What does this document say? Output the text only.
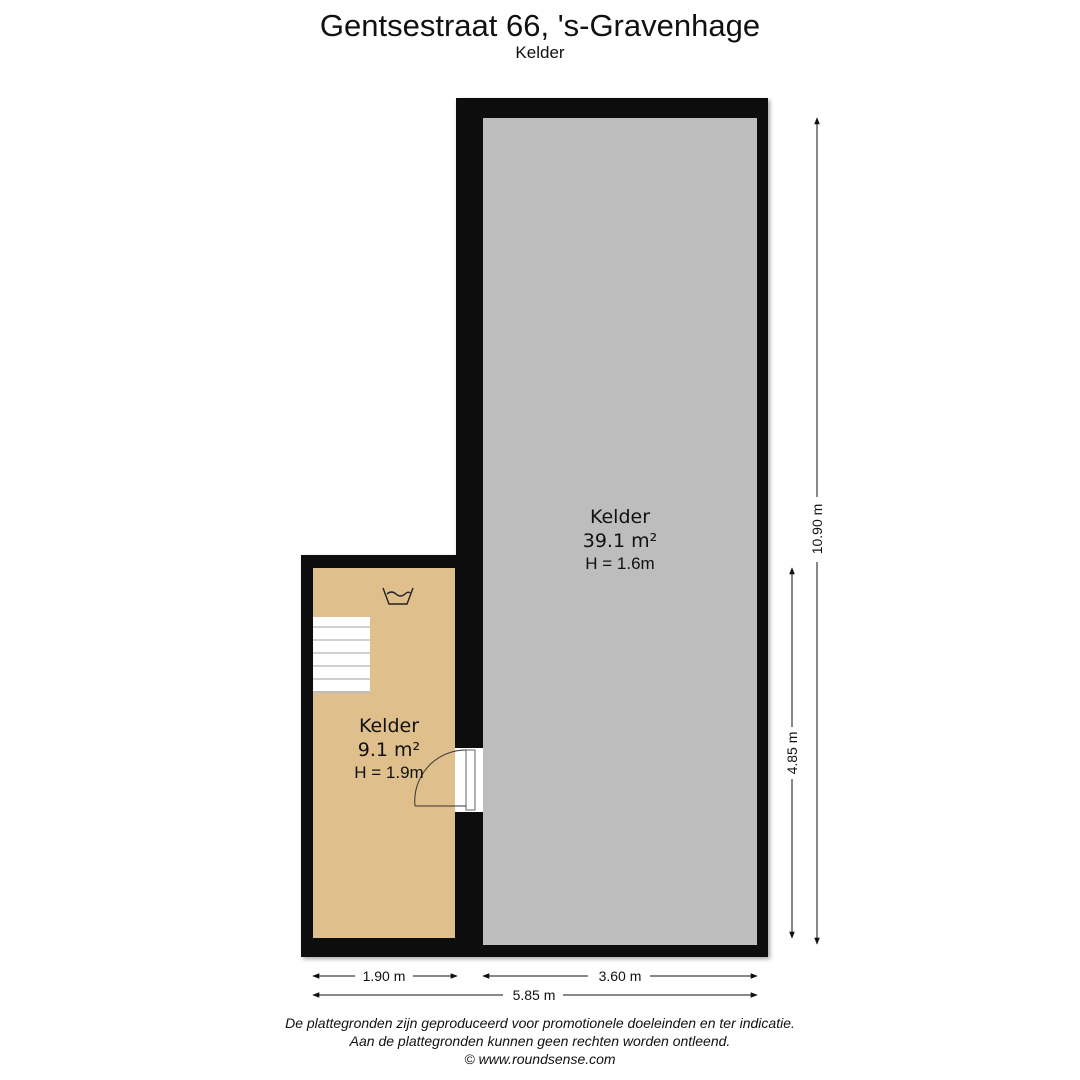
Gentsestraat 66, 's-Gravenhage
Kelder
Kelder
39.1 m²
H = 1.6m
Kelder
9.1 m²
H = 1.9m
1.90 m	3.60 m
5.85 m
10.90 m
4.85 m
De plattegronden zijn geproduceerd voor promotionele doeleinden en ter indicatie.
Aan de plattegronden kunnen geen rechten worden ontleend.
© www.roundsense.com
